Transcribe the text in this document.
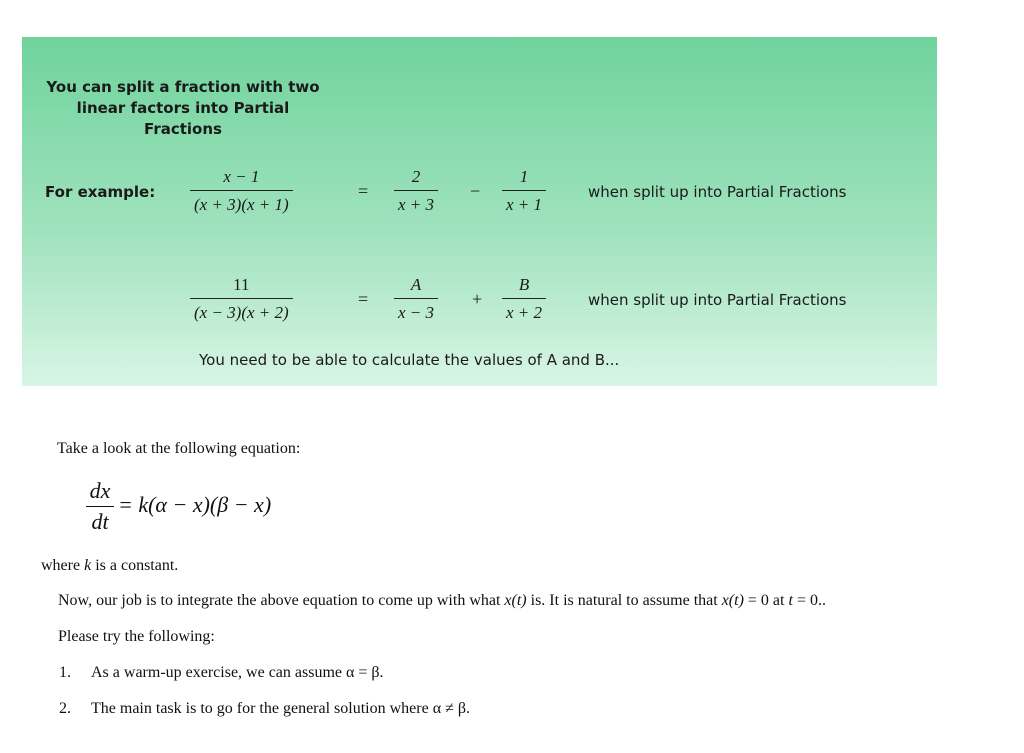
You can split a fraction with two
linear factors into Partial
Fractions
For example:
x − 1
(x + 3)(x + 1)
=
2
x + 3
−
1
x + 1
when split up into Partial Fractions
11
(x − 3)(x + 2)
=
A
x − 3
+
B
x + 2
when split up into Partial Fractions
You need to be able to calculate the values of A and B...
Take a look at the following equation:
dx
dt
= k(α − x)(β − x)
where k is a constant.
Now, our job is to integrate the above equation to come up with what x(t) is. It is natural to assume that x(t) = 0 at t = 0..
Please try the following:
1. As a warm-up exercise, we can assume α = β.
2. The main task is to go for the general solution where α ≠ β.
